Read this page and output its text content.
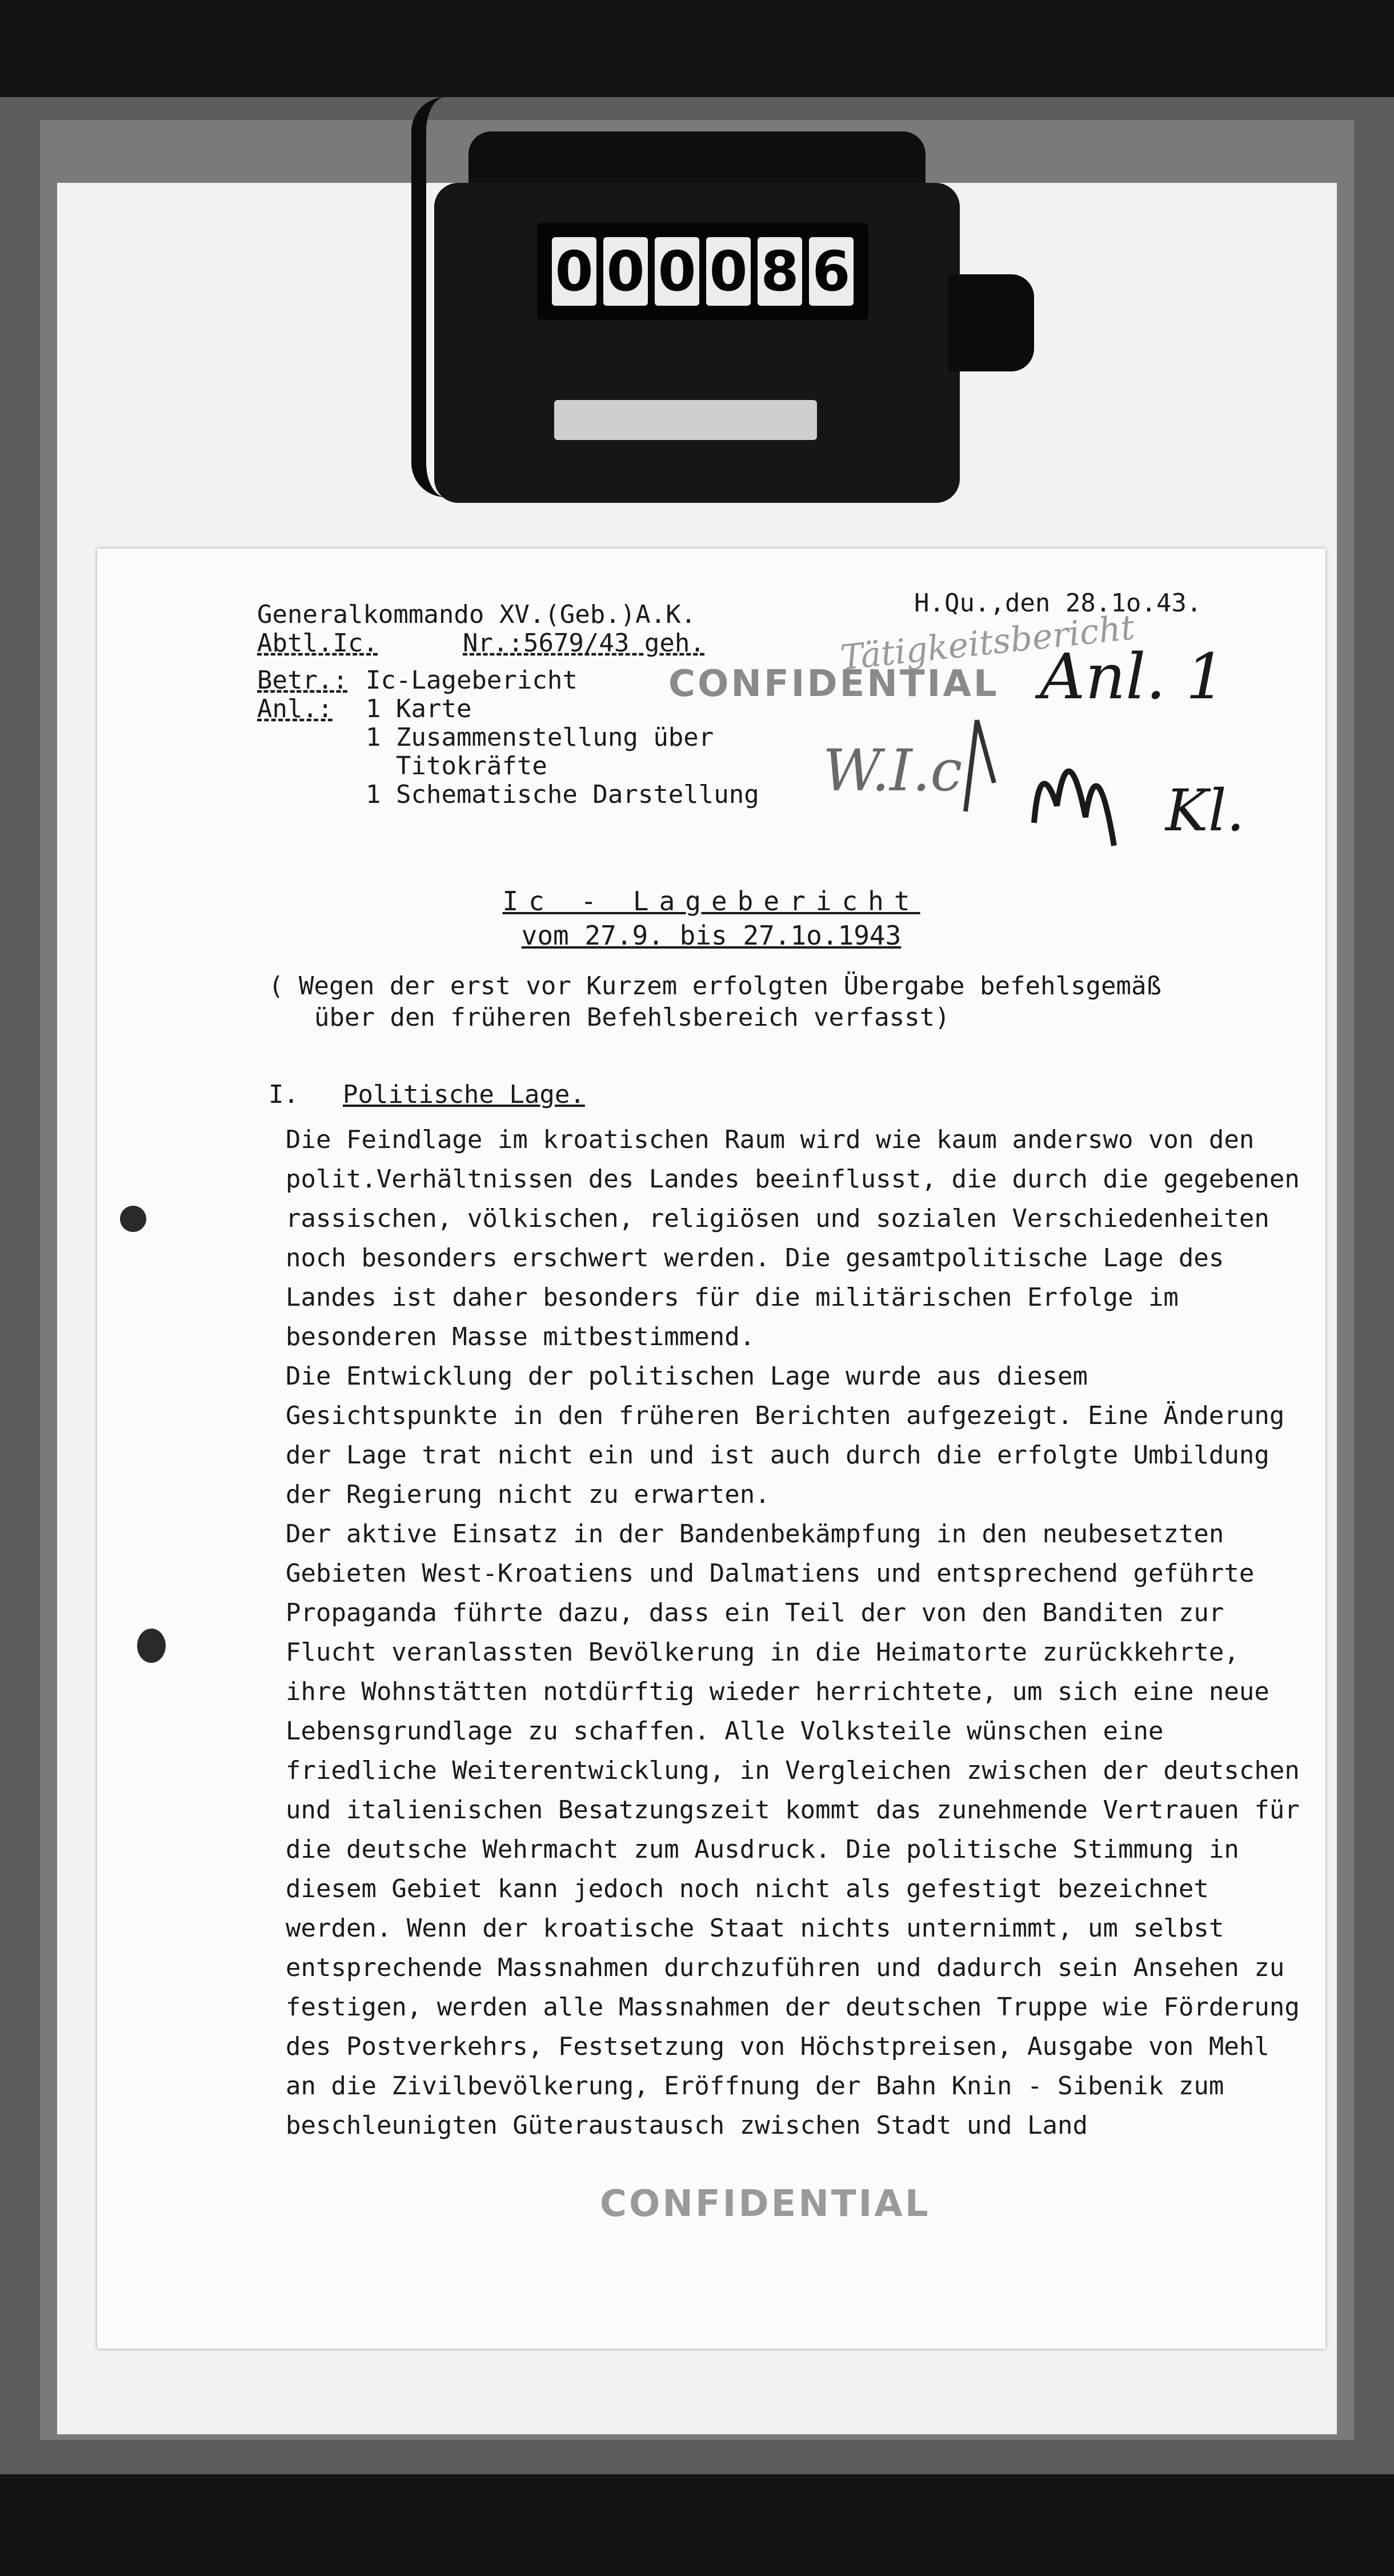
0 0 0 0 8 6
Generalkommando XV.(Geb.)A.K.	H.Qu.,den 28.1o.43.
Abtl.Ic.	Nr.:5679/43 geh.
Betr.: Ic-Lagebericht
Anl.: 1 Karte
1 Zusammenstellung über
Titokräfte
1 Schematische Darstellung
CONFIDENTIAL
Tätigkeitsbericht
Anl. 1
W.I.c
Kl.
Ic - Lagebericht
vom 27.9. bis 27.1o.1943
( Wegen der erst vor Kurzem erfolgten Übergabe befehlsgemäß
über den früheren Befehlsbereich verfasst)
I. Politische Lage.

Die Feindlage im kroatischen Raum wird wie kaum anderswo von den polit.Verhältnissen des Landes beeinflusst, die durch die gegebenen rassischen, völkischen, religiösen und sozialen Verschiedenheiten noch besonders erschwert werden. Die gesamtpolitische Lage des Landes ist daher besonders für die militärischen Erfolge im besonderen Masse mitbestimmend.

Die Entwicklung der politischen Lage wurde aus diesem Gesichtspunkte in den früheren Berichten aufgezeigt. Eine Änderung der Lage trat nicht ein und ist auch durch die erfolgte Umbildung der Regierung nicht zu erwarten.

Der aktive Einsatz in der Bandenbekämpfung in den neubesetzten Gebieten West-Kroatiens und Dalmatiens und entsprechend geführte Propaganda führte dazu, dass ein Teil der von den Banditen zur Flucht veranlassten Bevölkerung in die Heimatorte zurückkehrte, ihre Wohnstätten notdürftig wieder herrichtete, um sich eine neue Lebensgrundlage zu schaffen. Alle Volksteile wünschen eine friedliche Weiterentwicklung, in Vergleichen zwischen der deutschen und italienischen Besatzungszeit kommt das zunehmende Vertrauen für die deutsche Wehrmacht zum Ausdruck. Die politische Stimmung in diesem Gebiet kann jedoch noch nicht als gefestigt bezeichnet werden. Wenn der kroatische Staat nichts unternimmt, um selbst entsprechende Massnahmen durchzuführen und dadurch sein Ansehen zu festigen, werden alle Massnahmen der deutschen Truppe wie Förderung des Postverkehrs, Festsetzung von Höchstpreisen, Ausgabe von Mehl an die Zivilbevölkerung, Eröffnung der Bahn Knin - Sibenik zum beschleunigten Güteraustausch zwischen Stadt und Land

CONFIDENTIAL
